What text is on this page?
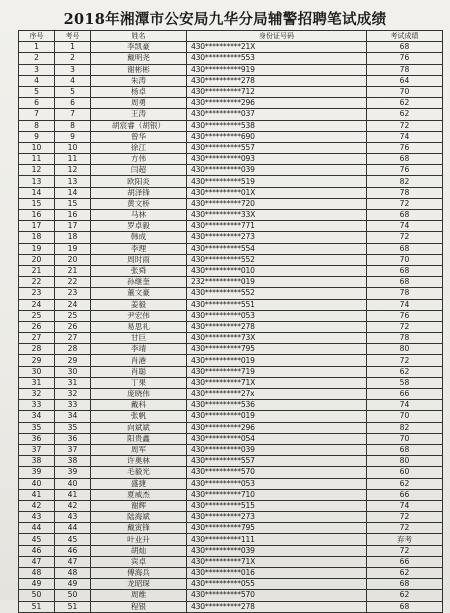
2018年湘潭市公安局九华分局辅警招聘笔试成绩
序号	考号	姓名	身份证号码	考试成绩
1	1	李凯豪	430**********21X	68
2	2	戴明尧	430**********553	76
3	3	谢彬彬	430**********919	78
4	4	朱涛	430**********278	64
5	5	杨卓	430**********712	70
6	6	周勇	430**********296	62
7	7	王涛	430**********037	62
8	8	胡宸睿（胡银）	430**********538	72
9	9	曾华	430**********690	74
10	10	徐江	430**********557	76
11	11	方伟	430**********093	68
12	12	闫超	430**********039	76
13	13	欧阳炎	430**********519	82
14	14	胡泽锋	430**********01X	78
15	15	黄文桥	430**********720	72
16	16	马林	430**********33X	68
17	17	罗卓毅	430**********771	74
18	18	韩成	430**********273	72
19	19	李理	430**********554	68
20	20	周时雨	430**********552	70
21	21	张舜	430**********010	68
22	22	孙继奎	232**********019	68
23	23	董文豪	430**********552	78
24	24	姜毅	430**********551	74
25	25	尹宏伟	430**********053	76
26	26	易思礼	430**********278	72
27	27	甘巨	430**********73X	78
28	28	李靖	430**********795	80
29	29	肖港	430**********019	72
30	30	肖聪	430**********719	62
31	31	丁果	430**********71X	58
32	32	庞晓伟	430**********27x	66
33	33	戴科	430**********536	74
34	34	张帆	430**********019	70
35	35	向斌斌	430**********296	82
36	36	阳贵鑫	430**********054	70
37	37	周军	430**********039	68
38	38	许奥林	430**********557	80
39	39	毛毅光	430**********570	60
40	40	盛捷	430**********053	62
41	41	夏威杰	430**********710	66
42	42	谢辉	430**********515	74
43	43	陆海斌	430**********273	72
44	44	戴寅锋	430**********795	72
45	45	叶业升	430**********111	弃考
46	46	胡灿	430**********039	72
47	47	宾卓	430**********71X	66
48	48	傅海兵	430**********016	62
49	49	龙昭琛	430**********055	68
50	50	周维	430**********570	62
51	51	程银	430**********278	68
